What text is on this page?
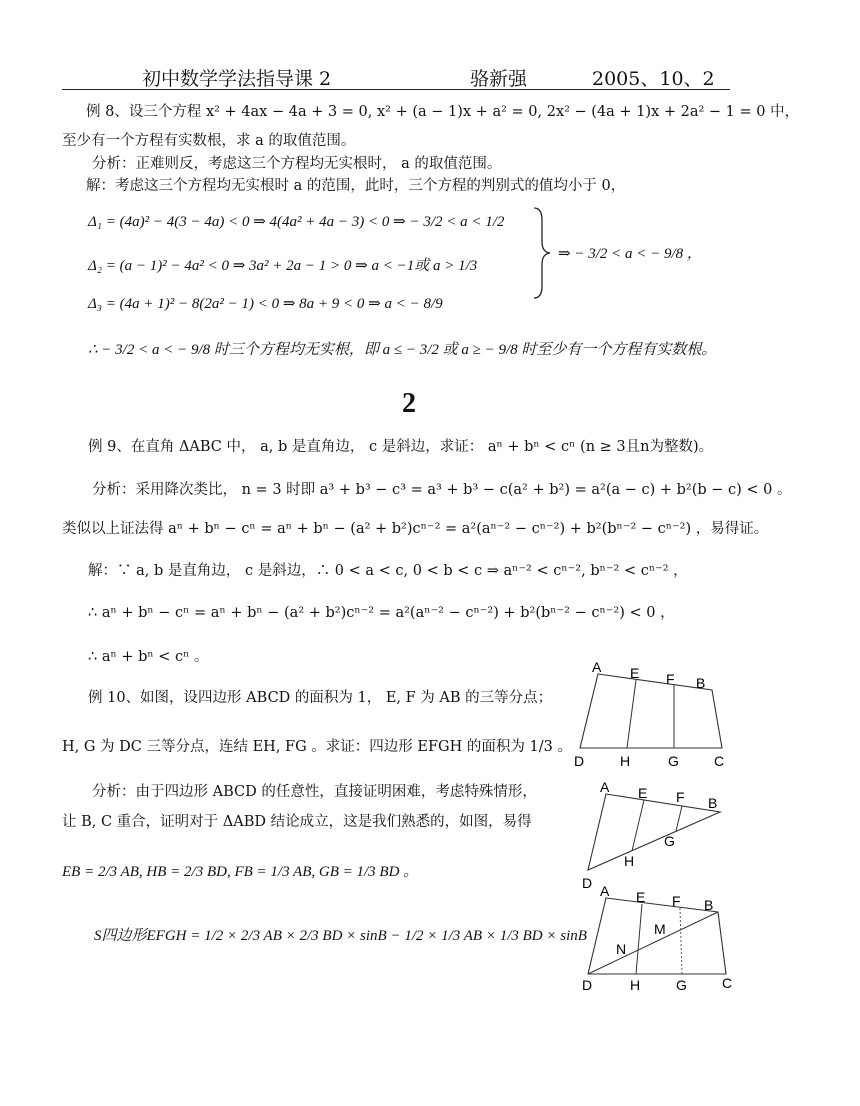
初中数学学法指导课 2	骆新强	2005、10、2
例 8、设三个方程 x² + 4ax − 4a + 3 = 0, x² + (a − 1)x + a² = 0, 2x² − (4a + 1)x + 2a² − 1 = 0 中，
至少有一个方程有实数根，求 a 的取值范围。
分析：正难则反，考虑这三个方程均无实根时， a 的取值范围。
解：考虑这三个方程均无实根时 a 的范围，此时，三个方程的判别式的值均小于 0，
Δ₁ = (4a)² − 4(3 − 4a) < 0 ⇒ 4(4a² + 4a − 3) < 0 ⇒ − 3/2 < a < 1/2
Δ₂ = (a − 1)² − 4a² < 0 ⇒ 3a² + 2a − 1 > 0 ⇒ a < −1或 a > 1/3
Δ₃ = (4a + 1)² − 8(2a² − 1) < 0 ⇒ 8a + 9 < 0 ⇒ a < − 8/9
⇒ − 3/2 < a < − 9/8 ，
∴ − 3/2 < a < − 9/8 时三个方程均无实根，即 a ≤ − 3/2 或 a ≥ − 9/8 时至少有一个方程有实数根。
2
例 9、在直角 ΔABC 中， a, b 是直角边， c 是斜边，求证： aⁿ + bⁿ < cⁿ (n ≥ 3且n为整数)。
分析：采用降次类比， n = 3 时即 a³ + b³ − c³ = a³ + b³ − c(a² + b²) = a²(a − c) + b²(b − c) < 0 。
类似以上证法得 aⁿ + bⁿ − cⁿ = aⁿ + bⁿ − (a² + b²)cⁿ⁻² = a²(aⁿ⁻² − cⁿ⁻²) + b²(bⁿ⁻² − cⁿ⁻²) ，易得证。
解：∵ a, b 是直角边， c 是斜边，∴ 0 < a < c, 0 < b < c ⇒ aⁿ⁻² < cⁿ⁻², bⁿ⁻² < cⁿ⁻² ，
∴ aⁿ + bⁿ − cⁿ = aⁿ + bⁿ − (a² + b²)cⁿ⁻² = a²(aⁿ⁻² − cⁿ⁻²) + b²(bⁿ⁻² − cⁿ⁻²) < 0 ，
∴ aⁿ + bⁿ < cⁿ 。
例 10、如图，设四边形 ABCD 的面积为 1， E, F 为 AB 的三等分点；
H, G 为 DC 三等分点，连结 EH, FG 。求证：四边形 EFGH 的面积为 1/3 。
分析：由于四边形 ABCD 的任意性，直接证明困难，考虑特殊情形，
让 B, C 重合，证明对于 ΔABD 结论成立，这是我们熟悉的，如图，易得
EB = 2/3 AB, HB = 2/3 BD, FB = 1/3 AB, GB = 1/3 BD 。
S四边形EFGH = 1/2 × 2/3 AB × 2/3 BD × sinB − 1/2 × 1/3 AB × 1/3 BD × sinB
A E F B
D	H	G	C
A E F B
G
H
D A E F B
M
N
D	H	G	C
